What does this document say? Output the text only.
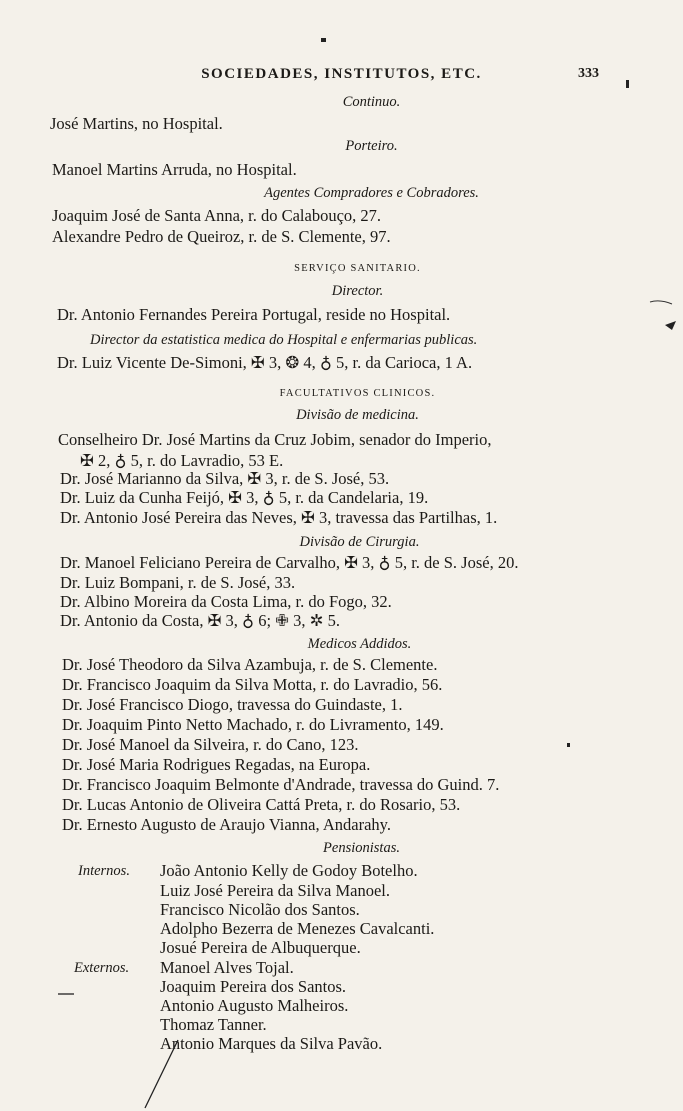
SOCIEDADES, INSTITUTOS, ETC.	333
Continuo.
José Martins, no Hospital.
Porteiro.
Manoel Martins Arruda, no Hospital.
Agentes Compradores e Cobradores.
Joaquim José de Santa Anna, r. do Calabouço, 27.
Alexandre Pedro de Queiroz, r. de S. Clemente, 97.
SERVIÇO SANITARIO.
Director.
Dr. Antonio Fernandes Pereira Portugal, reside no Hospital.
Director da estatistica medica do Hospital e enfermarias publicas.
Dr. Luiz Vicente De-Simoni, ✠ 3, ❂ 4, ♁ 5, r. da Carioca, 1 A.
FACULTATIVOS CLINICOS.
Divisão de medicina.
Conselheiro Dr. José Martins da Cruz Jobim, senador do Imperio,
✠ 2, ♁ 5, r. do Lavradio, 53 E.
Dr. José Marianno da Silva, ✠ 3, r. de S. José, 53.
Dr. Luiz da Cunha Feijó, ✠ 3, ♁ 5, r. da Candelaria, 19.
Dr. Antonio José Pereira das Neves, ✠ 3, travessa das Partilhas, 1.
Divisão de Cirurgia.
Dr. Manoel Feliciano Pereira de Carvalho, ✠ 3, ♁ 5, r. de S. José, 20.
Dr. Luiz Bompani, r. de S. José, 33.
Dr. Albino Moreira da Costa Lima, r. do Fogo, 32.
Dr. Antonio da Costa, ✠ 3, ♁ 6; ✙ 3, ✲ 5.
Medicos Addidos.
Dr. José Theodoro da Silva Azambuja, r. de S. Clemente.
Dr. Francisco Joaquim da Silva Motta, r. do Lavradio, 56.
Dr. José Francisco Diogo, travessa do Guindaste, 1.
Dr. Joaquim Pinto Netto Machado, r. do Livramento, 149.
Dr. José Manoel da Silveira, r. do Cano, 123.
Dr. José Maria Rodrigues Regadas, na Europa.
Dr. Francisco Joaquim Belmonte d'Andrade, travessa do Guind. 7.
Dr. Lucas Antonio de Oliveira Cattá Preta, r. do Rosario, 53.
Dr. Ernesto Augusto de Araujo Vianna, Andarahy.
Pensionistas.
Internos. João Antonio Kelly de Godoy Botelho.
Luiz José Pereira da Silva Manoel.
Francisco Nicolão dos Santos.
Adolpho Bezerra de Menezes Cavalcanti.
Josué Pereira de Albuquerque.
Externos. Manoel Alves Tojal.
Joaquim Pereira dos Santos.
Antonio Augusto Malheiros.
Thomaz Tanner.
Antonio Marques da Silva Pavão.
